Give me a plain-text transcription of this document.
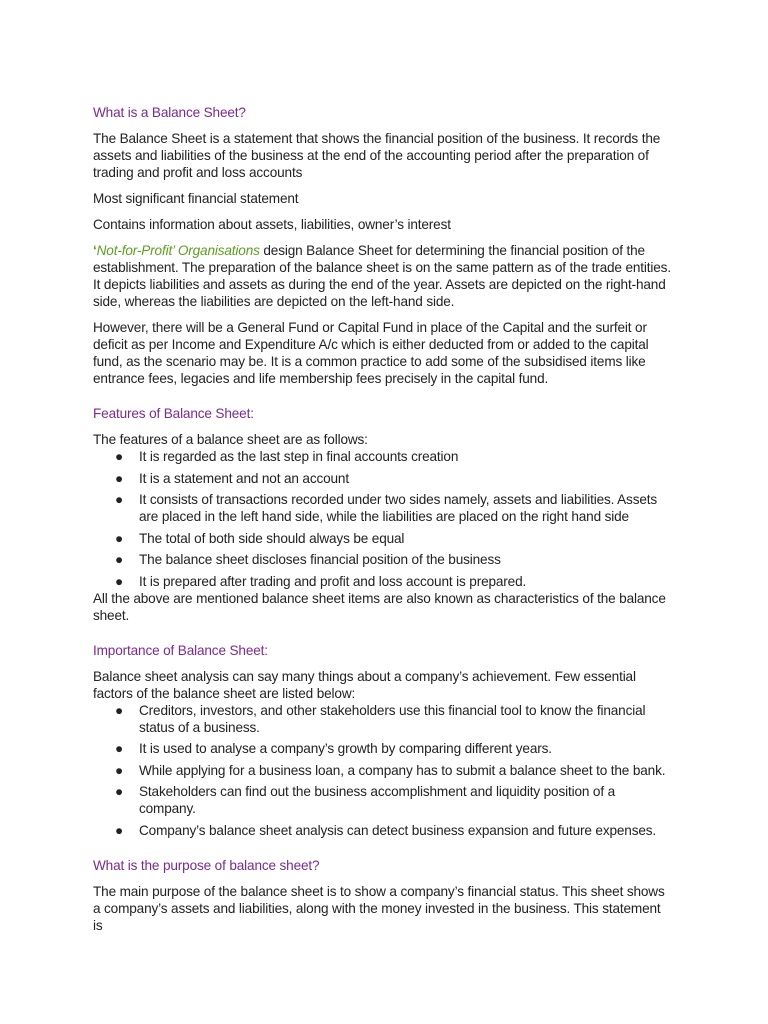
What is a Balance Sheet?

The Balance Sheet is a statement that shows the financial position of the business. It records the assets and liabilities of the business at the end of the accounting period after the preparation of trading and profit and loss accounts

Most significant financial statement

Contains information about assets, liabilities, owner’s interest

‘Not-for-Profit’ Organisations design Balance Sheet for determining the financial position of the establishment. The preparation of the balance sheet is on the same pattern as of the trade entities. It depicts liabilities and assets as during the end of the year. Assets are depicted on the right-hand side, whereas the liabilities are depicted on the left-hand side.

However, there will be a General Fund or Capital Fund in place of the Capital and the surfeit or deficit as per Income and Expenditure A/c which is either deducted from or added to the capital fund, as the scenario may be. It is a common practice to add some of the subsidised items like entrance fees, legacies and life membership fees precisely in the capital fund.

Features of Balance Sheet:

The features of a balance sheet are as follows:

● It is regarded as the last step in final accounts creation
● It is a statement and not an account
● It consists of transactions recorded under two sides namely, assets and liabilities. Assets are placed in the left hand side, while the liabilities are placed on the right hand side
● The total of both side should always be equal
● The balance sheet discloses financial position of the business
● It is prepared after trading and profit and loss account is prepared.

All the above are mentioned balance sheet items are also known as characteristics of the balance sheet.

Importance of Balance Sheet:

Balance sheet analysis can say many things about a company’s achievement. Few essential factors of the balance sheet are listed below:

● Creditors, investors, and other stakeholders use this financial tool to know the financial status of a business.
● It is used to analyse a company’s growth by comparing different years.
● While applying for a business loan, a company has to submit a balance sheet to the bank.
● Stakeholders can find out the business accomplishment and liquidity position of a company.
● Company’s balance sheet analysis can detect business expansion and future expenses.
What is the purpose of balance sheet?

The main purpose of the balance sheet is to show a company’s financial status. This sheet shows a company’s assets and liabilities, along with the money invested in the business. This statement is
